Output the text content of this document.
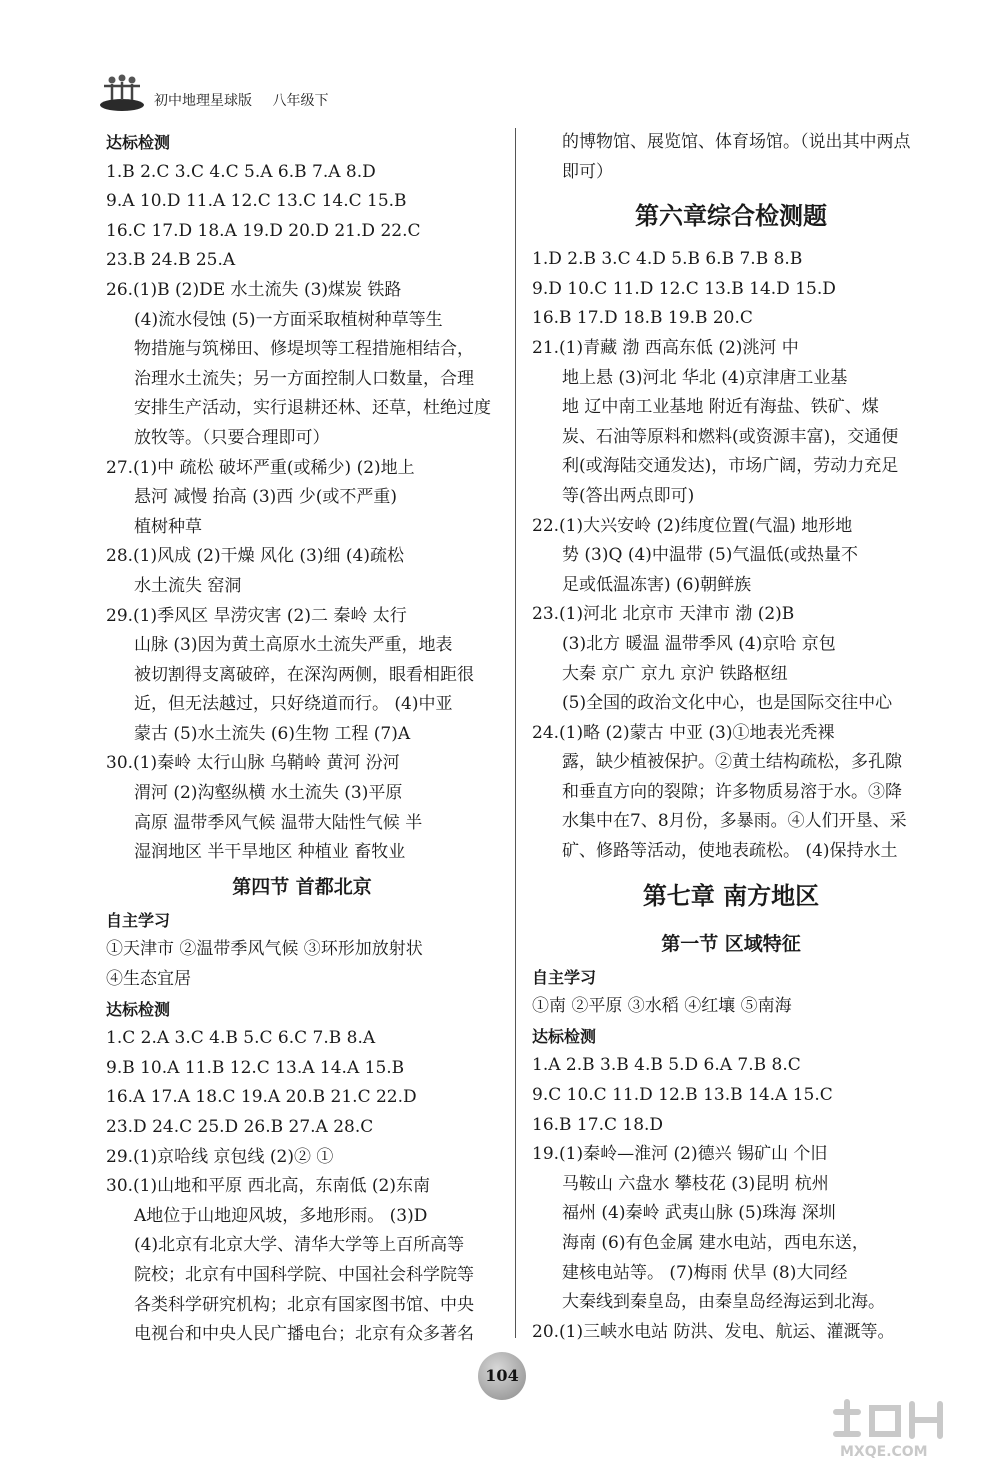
初中地理星球版 八年级下
达标检测
1.B 2.C 3.C 4.C 5.A 6.B 7.A 8.D
9.A 10.D 11.A 12.C 13.C 14.C 15.B
16.C 17.D 18.A 19.D 20.D 21.D 22.C
23.B 24.B 25.A
26.(1)B (2)DE 水土流失 (3)煤炭 铁路
(4)流水侵蚀 (5)一方面采取植树种草等生
物措施与筑梯田、修堤坝等工程措施相结合，
治理水土流失；另一方面控制人口数量，合理
安排生产活动，实行退耕还林、还草，杜绝过度
放牧等。（只要合理即可）
27.(1)中 疏松 破坏严重(或稀少) (2)地上
悬河 减慢 抬高 (3)西 少(或不严重)
植树种草
28.(1)风成 (2)干燥 风化 (3)细 (4)疏松
水土流失 窑洞
29.(1)季风区 旱涝灾害 (2)二 秦岭 太行
山脉 (3)因为黄土高原水土流失严重，地表
被切割得支离破碎，在深沟两侧，眼看相距很
近，但无法越过，只好绕道而行。 (4)中亚
蒙古 (5)水土流失 (6)生物 工程 (7)A
30.(1)秦岭 太行山脉 乌鞘岭 黄河 汾河
渭河 (2)沟壑纵横 水土流失 (3)平原
高原 温带季风气候 温带大陆性气候 半
湿润地区 半干旱地区 种植业 畜牧业
第四节 首都北京
自主学习
①天津市 ②温带季风气候 ③环形加放射状
④生态宜居
达标检测
1.C 2.A 3.C 4.B 5.C 6.C 7.B 8.A
9.B 10.A 11.B 12.C 13.A 14.A 15.B
16.A 17.A 18.C 19.A 20.B 21.C 22.D
23.D 24.C 25.D 26.B 27.A 28.C
29.(1)京哈线 京包线 (2)② ①
30.(1)山地和平原 西北高，东南低 (2)东南
A地位于山地迎风坡，多地形雨。 (3)D
(4)北京有北京大学、清华大学等上百所高等
院校；北京有中国科学院、中国社会科学院等
各类科学研究机构；北京有国家图书馆、中央
电视台和中央人民广播电台；北京有众多著名
的博物馆、展览馆、体育场馆。（说出其中两点
即可）
第六章综合检测题
1.D 2.B 3.C 4.D 5.B 6.B 7.B 8.B
9.D 10.C 11.D 12.C 13.B 14.D 15.D
16.B 17.D 18.B 19.B 20.C
21.(1)青藏 渤 西高东低 (2)洮河 中
地上悬 (3)河北 华北 (4)京津唐工业基
地 辽中南工业基地 附近有海盐、铁矿、煤
炭、石油等原料和燃料(或资源丰富)，交通便
利(或海陆交通发达)，市场广阔，劳动力充足
等(答出两点即可)
22.(1)大兴安岭 (2)纬度位置(气温) 地形地
势 (3)Q (4)中温带 (5)气温低(或热量不
足或低温冻害) (6)朝鲜族
23.(1)河北 北京市 天津市 渤 (2)B
(3)北方 暖温 温带季风 (4)京哈 京包
大秦 京广 京九 京沪 铁路枢纽
(5)全国的政治文化中心，也是国际交往中心
24.(1)略 (2)蒙古 中亚 (3)①地表光秃裸
露，缺少植被保护。②黄土结构疏松，多孔隙
和垂直方向的裂隙；许多物质易溶于水。③降
水集中在7、8月份，多暴雨。④人们开垦、采
矿、修路等活动，使地表疏松。 (4)保持水土
第七章 南方地区
第一节 区域特征
自主学习
①南 ②平原 ③水稻 ④红壤 ⑤南海
达标检测
1.A 2.B 3.B 4.B 5.D 6.A 7.B 8.C
9.C 10.C 11.D 12.B 13.B 14.A 15.C
16.B 17.C 18.D
19.(1)秦岭—淮河 (2)德兴 锡矿山 个旧
马鞍山 六盘水 攀枝花 (3)昆明 杭州
福州 (4)秦岭 武夷山脉 (5)珠海 深圳
海南 (6)有色金属 建水电站，西电东送，
建核电站等。 (7)梅雨 伏旱 (8)大同经
大秦线到秦皇岛，由秦皇岛经海运到北海。
20.(1)三峡水电站 防洪、发电、航运、灌溉等。
104
MXQE.COM
